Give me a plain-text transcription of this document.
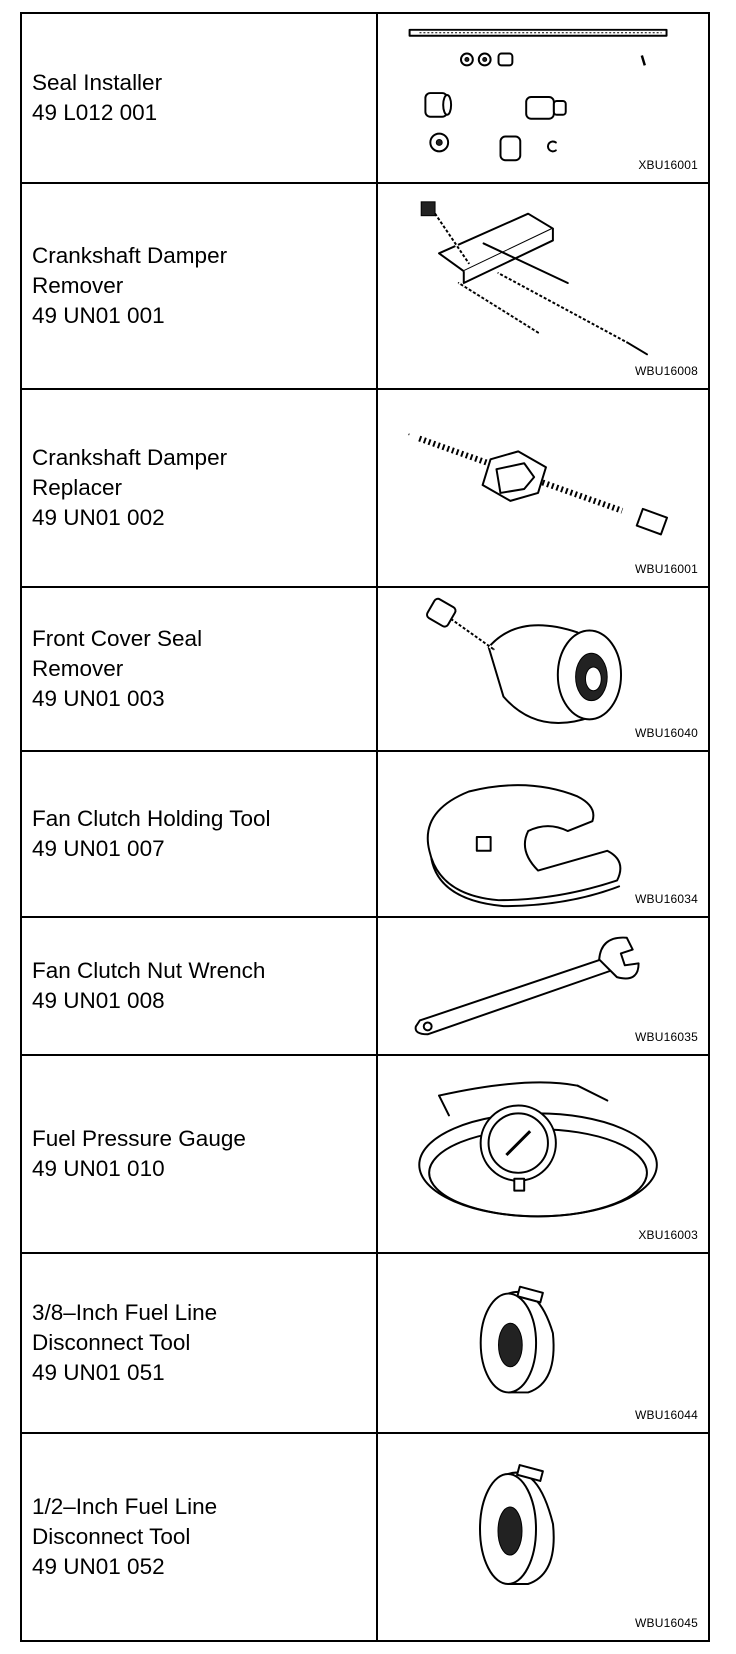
Seal Installer
49 L012 001
XBU16001
Crankshaft Damper
Remover
49 UN01 001
WBU16008
Crankshaft Damper
Replacer
49 UN01 002
WBU16001
Front Cover Seal
Remover
49 UN01 003
WBU16040
Fan Clutch Holding Tool
49 UN01 007
WBU16034
Fan Clutch Nut Wrench
49 UN01 008
WBU16035
Fuel Pressure Gauge
49 UN01 010
XBU16003
3/8–Inch Fuel Line
Disconnect Tool
49 UN01 051
WBU16044
1/2–Inch Fuel Line
Disconnect Tool
49 UN01 052
WBU16045
